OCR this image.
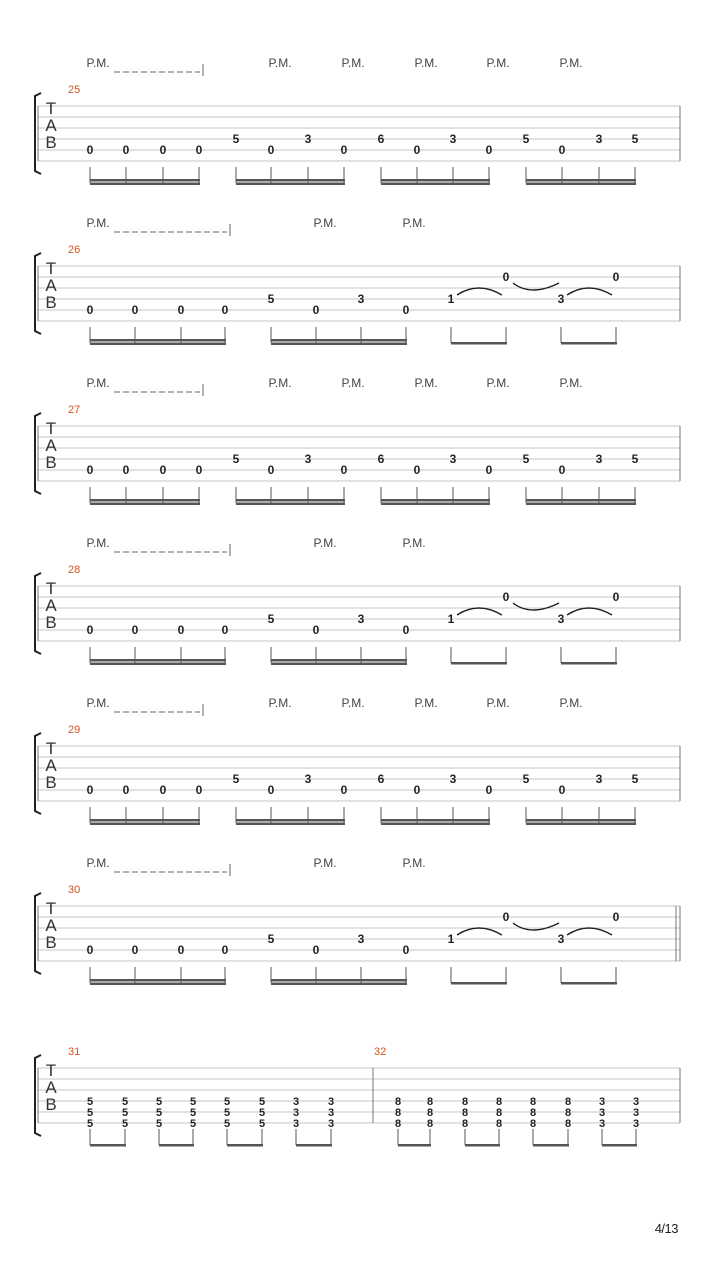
T
A
B
P.M.	P.M.	P.M.	P.M.	P.M.	P.M.
25
0 0	0 0
5
0
3
0
6
0
3
0
5
0
3 5
T
A
B
P.M.	P.M.	P.M.
26
0	0	0	0
5
0
3
0
1
0
3
0
T
A
B
P.M.	P.M.	P.M.	P.M.	P.M.	P.M.
27
0 0	0 0
5
0
3
0
6
0
3
0
5
0
3 5
T
A
B
P.M.	P.M.	P.M.
28
0	0	0	0
5
0
3
0
1
0
3
0
T
A
B
P.M.	P.M.	P.M.	P.M.	P.M.	P.M.
29
0 0	0 0
5
0
3
0
6
0
3
0
5
0
3 5
T
A
B
P.M.	P.M.	P.M.
30
0	0	0	0
5
0
3
0
1
0
3
0
T
A
B
31
5
5
5
5
5
5
5
5
5
5
5
5
5
5
5
5
5
5
3
3
3
3
3
3
32
8
8
8
8
8
8
8
8
8
8
8
8
8
8
8
8
8
8
3
3
3
3
3
3
4/13
